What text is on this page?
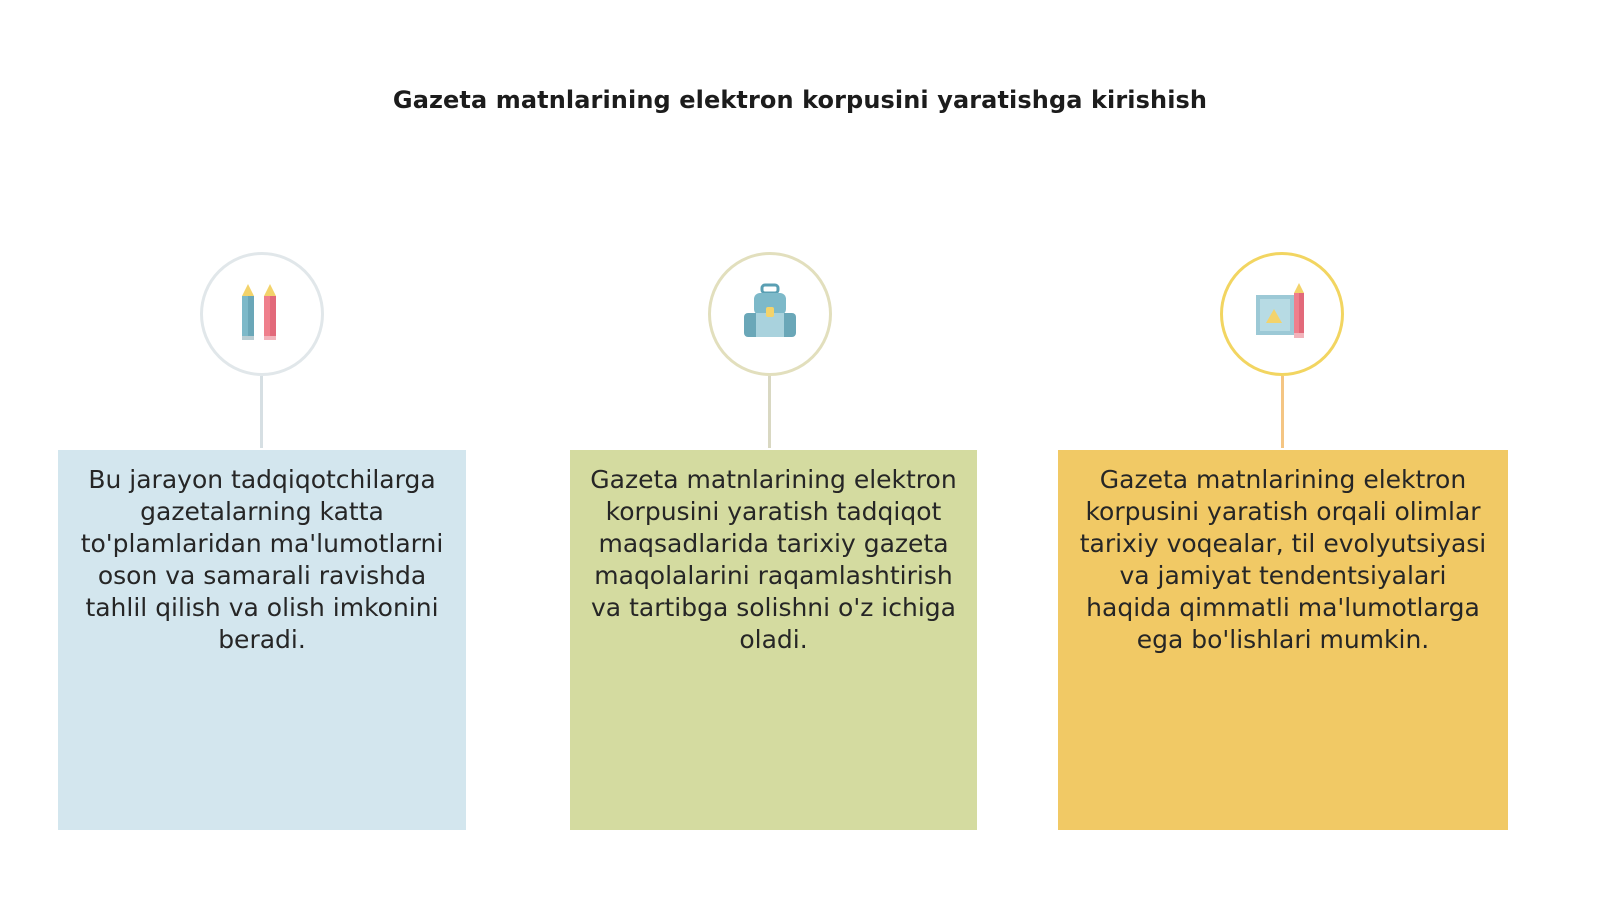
Gazeta matnlarining elektron korpusini yaratishga kirishish

Bu jarayon tadqiqotchilarga gazetalarning katta to'plamlaridan ma'lumotlarni oson va samarali ravishda tahlil qilish va olish imkonini beradi.

Gazeta matnlarining elektron korpusini yaratish tadqiqot maqsadlarida tarixiy gazeta maqolalarini raqamlashtirish va tartibga solishni o'z ichiga oladi.

Gazeta matnlarining elektron korpusini yaratish orqali olimlar tarixiy voqealar, til evolyutsiyasi va jamiyat tendentsiyalari haqida qimmatli ma'lumotlarga ega bo'lishlari mumkin.
